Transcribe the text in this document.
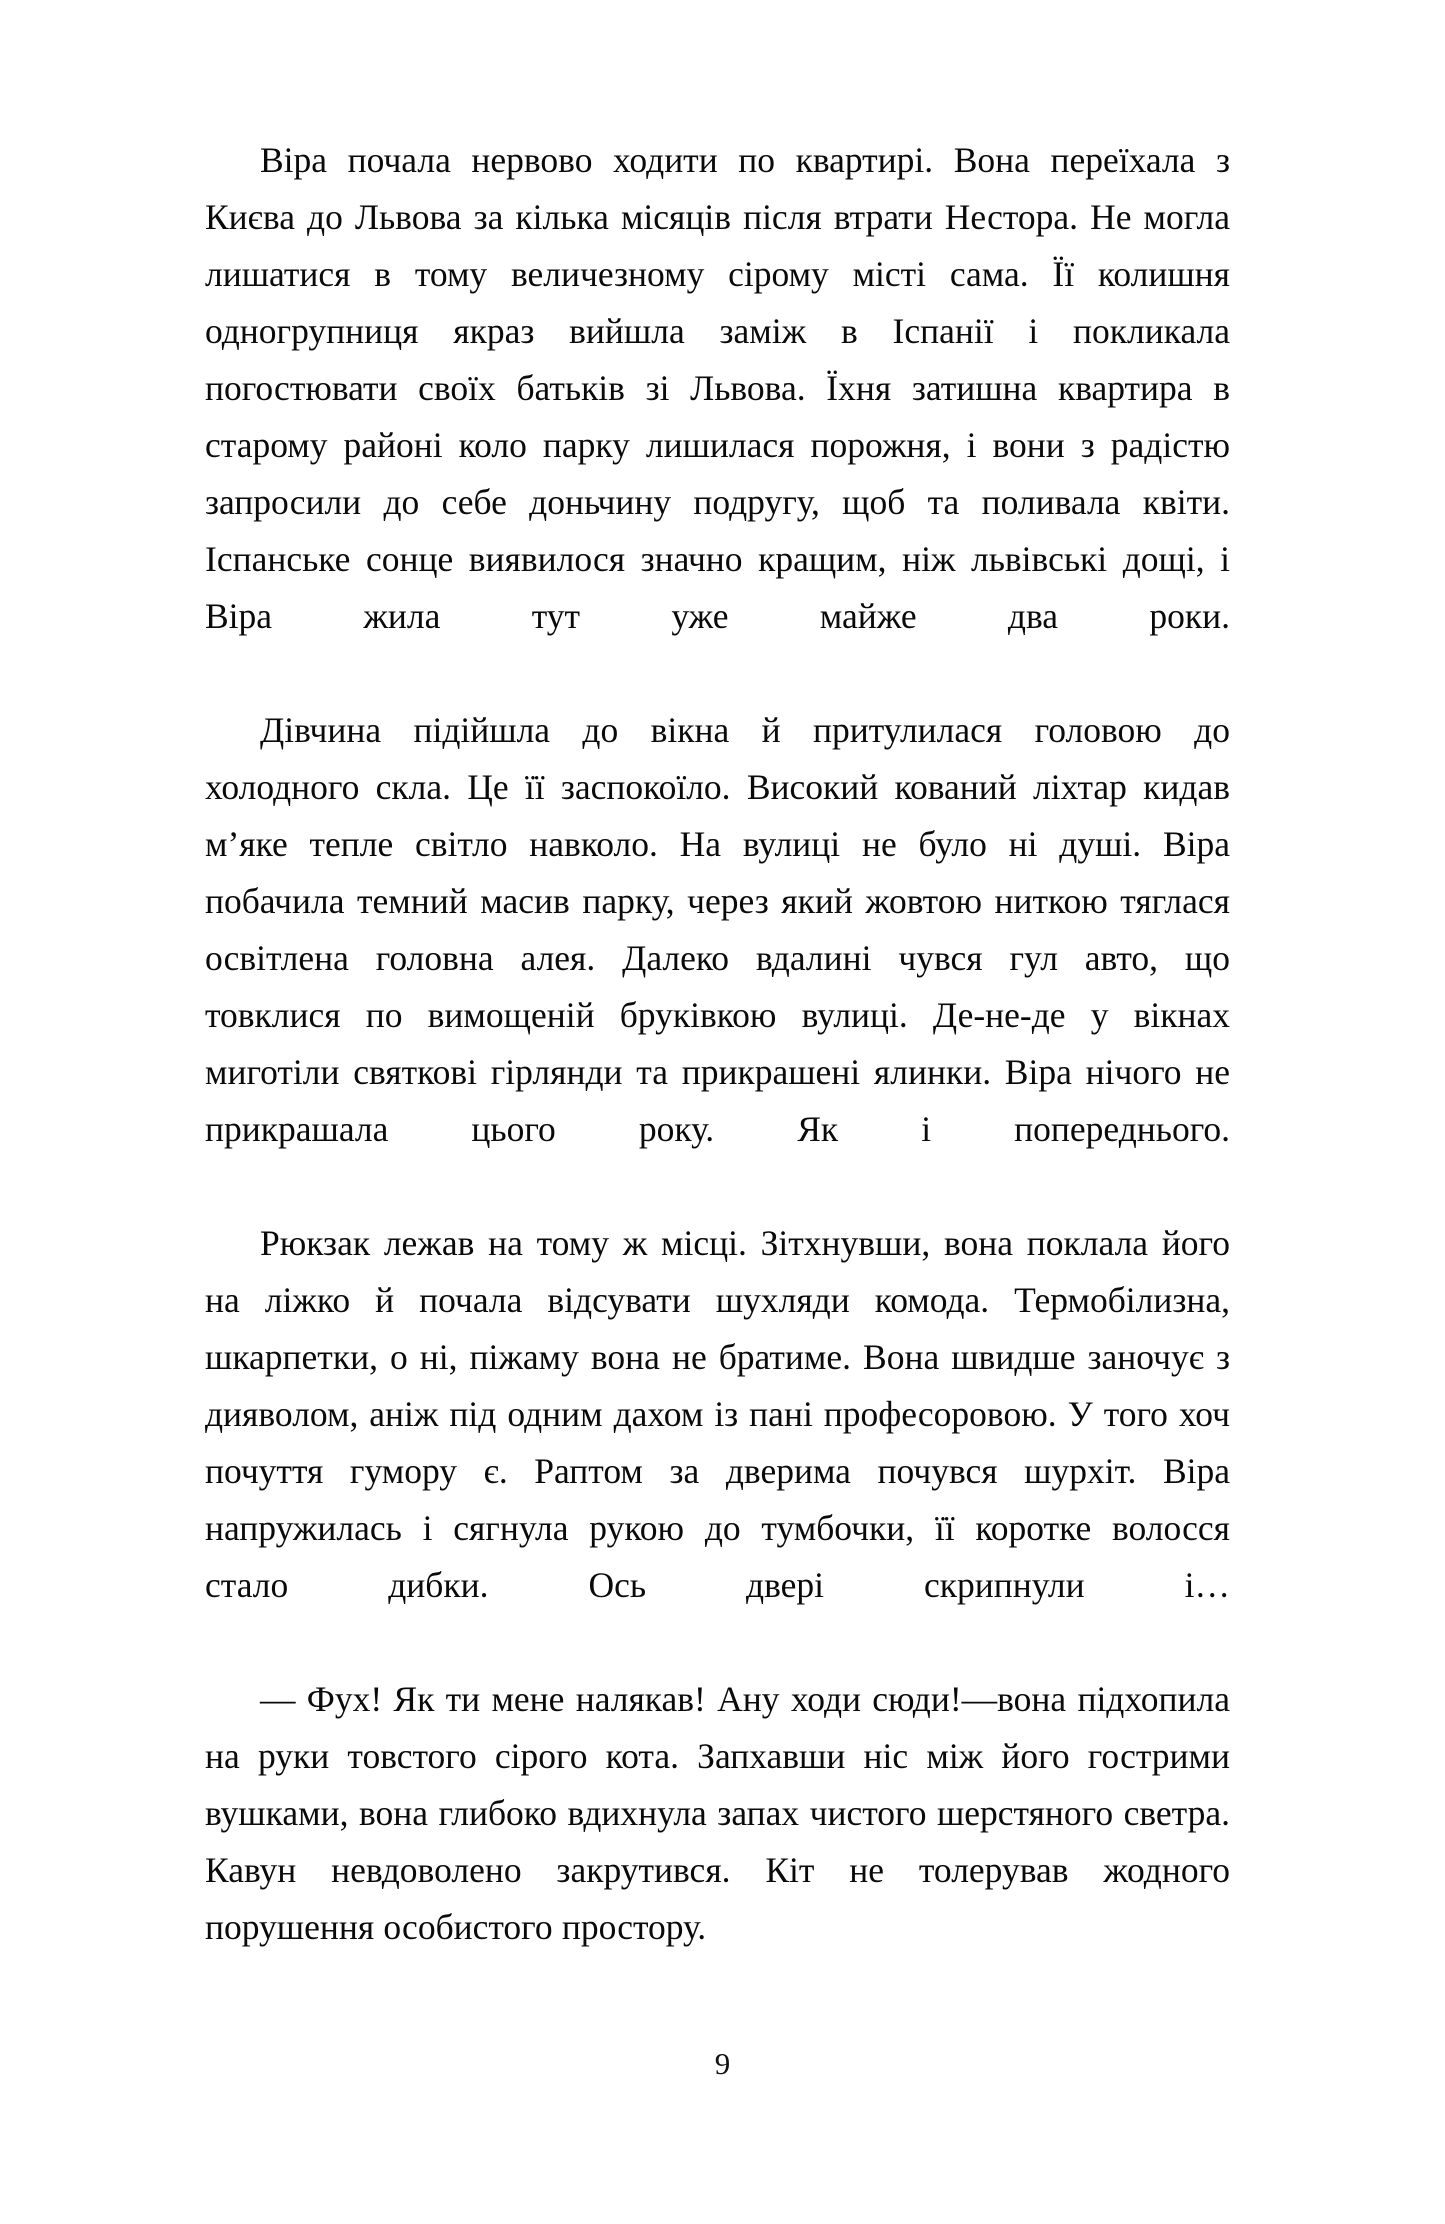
Віра почала нервово ходити по квартирі. Вона переїхала з Києва до Львова за кілька місяців після втрати Нестора. Не могла лишатися в тому величезному сірому місті сама. Її колишня одногрупниця якраз вийшла заміж в Іспанії і покликала погостювати своїх батьків зі Львова. Їхня затишна квартира в старому районі коло парку лишилася порожня, і вони з радістю запросили до себе доньчину подругу, щоб та поливала квіти. Іспанське сонце виявилося значно кращим, ніж львівські дощі, і Віра жила тут уже майже два роки.

Дівчина підійшла до вікна й притулилася головою до холодного скла. Це її заспокоїло. Високий кований ліхтар кидав м’яке тепле світло навколо. На вулиці не було ні душі. Віра побачила темний масив парку, через який жовтою ниткою тяглася освітлена головна алея. Далеко вдалині чувся гул авто, що товклися по вимощеній бруківкою вулиці. Де-не-де у вікнах миготіли святкові гірлянди та прикрашені ялинки. Віра нічого не прикрашала цього року. Як і попереднього.

Рюкзак лежав на тому ж місці. Зітхнувши, вона поклала його на ліжко й почала відсувати шухляди комода. Термобілизна, шкарпетки, о ні, піжаму вона не братиме. Вона швидше заночує з дияволом, аніж під одним дахом із пані професоровою. У того хоч почуття гумору є. Раптом за дверима почувся шурхіт. Віра напружилась і сягнула рукою до тумбочки, її коротке волосся стало дибки. Ось двері скрипнули і…

— Фух! Як ти мене налякав! Ану ходи сюди!—вона підхопила на руки товстого сірого кота. Запхавши ніс між його гострими вушками, вона глибоко вдихнула запах чистого шерстяного светра. Кавун невдоволено закрутився. Кіт не толерував жодного порушення особистого простору.

9
